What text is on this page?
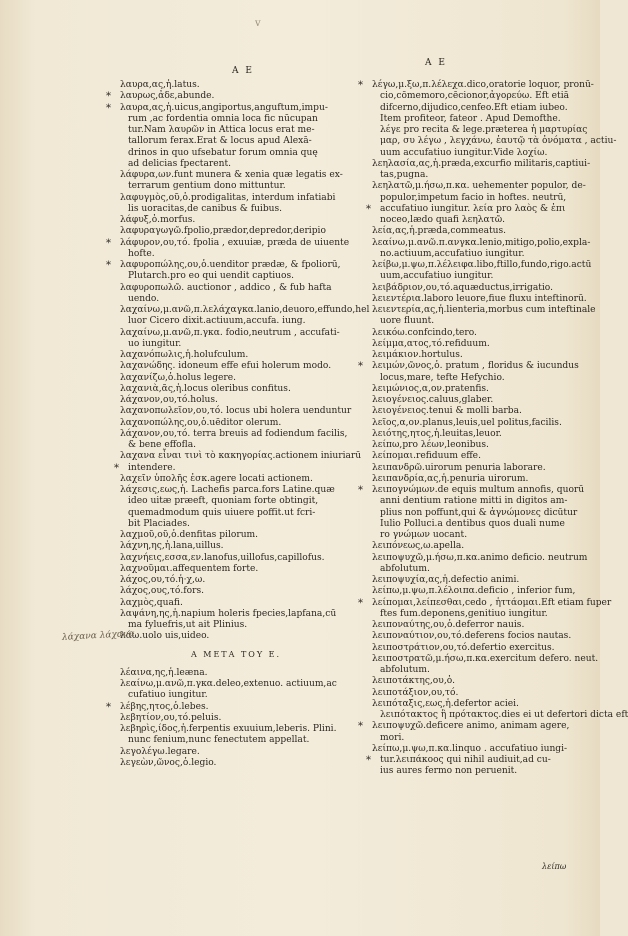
v
A E
A E
λαυρα,ας,ἡ.latus.
* λαυρως,ἀδε,abunde.
* λαυρα,ας,ἡ.uicus,angiportus,anguftum,impu-
rum ,ac fordentia omnia loca fic nūcupan
tur.Nam λαυρῶν in Attica locus erat me-
tallorum ferax.Erat & locus apud Alexā-
drinos in quo ufsebatur forum omnia quę
ad delicias fpectarent.
λάφυρα,ων.funt munera & xenia quæ legatis ex-
terrarum gentium dono mittuntur.
λαφυγμὸς,οῦ,ὁ.prodigalitas, interdum infatiabi
lis uoracitas,de canibus & fuibus.
λάφυξ,ὁ.morfus.
λαφυραγωγῶ.fpolio,prædor,depredor,deripio
* λάφυρον,ου,τό. fpolia , exuuiæ, præda de uiuente
hofte.
* λαφυροπώλης,ου,ὁ.uenditor prædæ, & fpoliorū,
Plutarch.pro eo qui uendit captiuos.
λαφυροπωλῶ. auctionor , addico , & fub hafta
uendo.
λαχαίνω,μ.ανῶ,π.λελάχαγκα.lanio,deuoro,effundo,hel
luor Cicero dixit.actiuum,accufa. iung.
λαχαίνω,μ.ανῶ,π.γκα. fodio,neutrum , accufati-
uo iungitur.
λαχανόπωλις,ἡ.holufculum.
λαχανώδης. idoneum effe efui holerum modo.
λαχανίζω,ὁ.holus legere.
λαχανιὰ,ᾶς,ἡ.locus oleribus confitus.
λάχανον,ου,τό.holus.
λαχανοπωλεῖον,ου,τό. locus ubi holera uenduntur
λαχανοπώλης,ου,ὁ.uēditor olerum.
λάχανον,ου,τό. terra breuis ad fodiendum facilis,
& bene effofla.
λαχανα εἶναι τινὶ τὸ κακηγορίας.actionem iniuriarū
* intendere.
λαχεῖν ὑπολῆς ἐσκ.agere locati actionem.
λάχεσις,εως,ἡ. Lachefis parca.fors Latine.quæ
ideo uitæ præeft, quoniam forte obtingit,
quemadmodum quis uiuere poffit.ut fcri-
bit Placiades.
λαχμοῦ,οῦ,ὁ.denfitas pilorum.
λάχνη,ης,ἡ.lana,uillus.
λαχνήεις,εσσα,εν.lanofus,uillofus,capillofus.
λαχνοῦμαι.affequentem forte.
λάχος,ου,τό.ἡ·χ,ω.
λάχος,ους,τό.fors.
λαχμὸς,quafi.
λαψάνη,ης,ἡ.napium holeris fpecies,lapfana,cū
ma fyluefris,ut ait Plinius.
λάω.uolo uis,uideo.
Α ΜΕΤΑ ΤΟΥ Ε.
λέαινα,ης,ἡ.leæna.
λεαίνω,μ.ανῶ,π.γκα.deleo,extenuo. actiuum,ac
cufatiuo iungitur.
* λέβης,ητος,ὁ.lebes.
λεβητίον,ου,τό.peluis.
λεβηρὶς,ίδος,ἡ.ferpentis exuuium,leberis. Plini.
nunc fenium,nunc fenectutem appellat.
λεγολέγω.legare.
λεγεὼν,ῶνος,ὁ.legio.
* λέγω,μ.ξω,π.λέλεχα.dico,oratorie loquor, pronū-
cio,cōmemoro,cēcionor,ἀγορεύω. Eft etiā
difcerno,dijudico,cenfeo.Eft etiam iubeo.
Item profiteor, fateor . Apud Demofthe.
λέγε pro recita & lege.præterea ἡ μαρτυρίας
μαρ, συ λέγω , λεγχάνω, ἑαυτῷ τὰ ὀνόματα , actiu-
uum accufatiuo iungitur.Vide λοχίω.
λεηλασία,ας,ἡ.præda,excurfio militaris,captiui-
tas,pugna.
λεηλατῶ,μ.ήσω,π.κα. uehementer populor, de-
populor,impetum facio in hoftes. neutrū,
* accufatiuo iungitur. λεία pro λαὸς & ἐπι
noceo,lædo quafi λεηλατῶ.
λεία,ας,ἡ.præda,commeatus.
λεαίνω,μ.ανῶ.π.ανγκα.lenio,mitigo,polio,expla-
no.actiuum,accufatiuo iungitur.
λείβω,μ.ψω,π.λέλειφα.libo,ftillo,fundo,rigo.actū
uum,accufatiuo iungitur.
λειβάδριον,ου,τό.aquæductus,irrigatio.
λειεντέρια.laboro leuore,fiue fluxu inteftinorū.
λειεντερία,ας,ἡ.lienteria,morbus cum inteftinale
uore fluunt.
λεικόω.confcindo,tero.
λείμμα,ατος,τό.refiduum.
λειμάκιον.hortulus.
* λειμών,ῶνος,ὁ. pratum , floridus & iucundus
locus,mare, tefte Hefychio.
λειμώνιος,α,ον.pratenfis.
λειογένειος.caluus,glaber.
λειογένειος.tenui & molli barba.
λεῖος,α,ον.planus,leuis,uel politus,facilis.
λειότης,ητος,ἡ.leuitas,leuor.
λείπω,pro λέων,leonibus.
λείπομαι.refiduum effe.
λειπανδρῶ.uirorum penuria laborare.
λειπανδρία,ας,ἡ.penuria uirorum.
* λειπογνώμων.de equis multum annofis, quorū
anni dentium ratione mitti in digitos am-
plius non poffunt,qui & ἀγνώμονες dicūtur
Iulio Polluci.a dentibus quos duali nume
ro γνώμων uocant.
λειπόνεως,ω.apella.
λειποψυχῶ,μ.ήσω,π.κα.animo deficio. neutrum
abfolutum.
λειποψυχία,ας,ἡ.defectio animi.
λείπω,μ.ψω,π.λέλοιπα.deficio , inferior fum,
* λείπομαι,λείπεσθαι,cedo , ἡττάομαι.Eft etiam fuper
ftes fum.deponens,genitiuo iungitur.
λειποναύτης,ου,ὁ.deferror nauis.
λειποναύτιον,ου,τό.deferens focios nautas.
λειποστράτιον,ου,τό.defertio exercitus.
λειποστρατῶ,μ.ήσω,π.κα.exercitum defero. neut.
abfolutum.
λειποτάκτης,ου,ὁ.
λειποτάξιον,ου,τό.
λειπόταξις,εως,ἡ.defertor aciei.
λειπότακτος ἢ πρότακτος.dies ei ut defertori dicta eft
* λειποψυχῶ.deficere animo, animam agere,
mori.
λείπω,μ.ψω,π.κα.linquo . accufatiuo iungi-
* tur.λειπάκοος qui nihil audiuit,ad cu-
ius aures fermo non peruenit.
λάχανα λάχανα
λείπω
